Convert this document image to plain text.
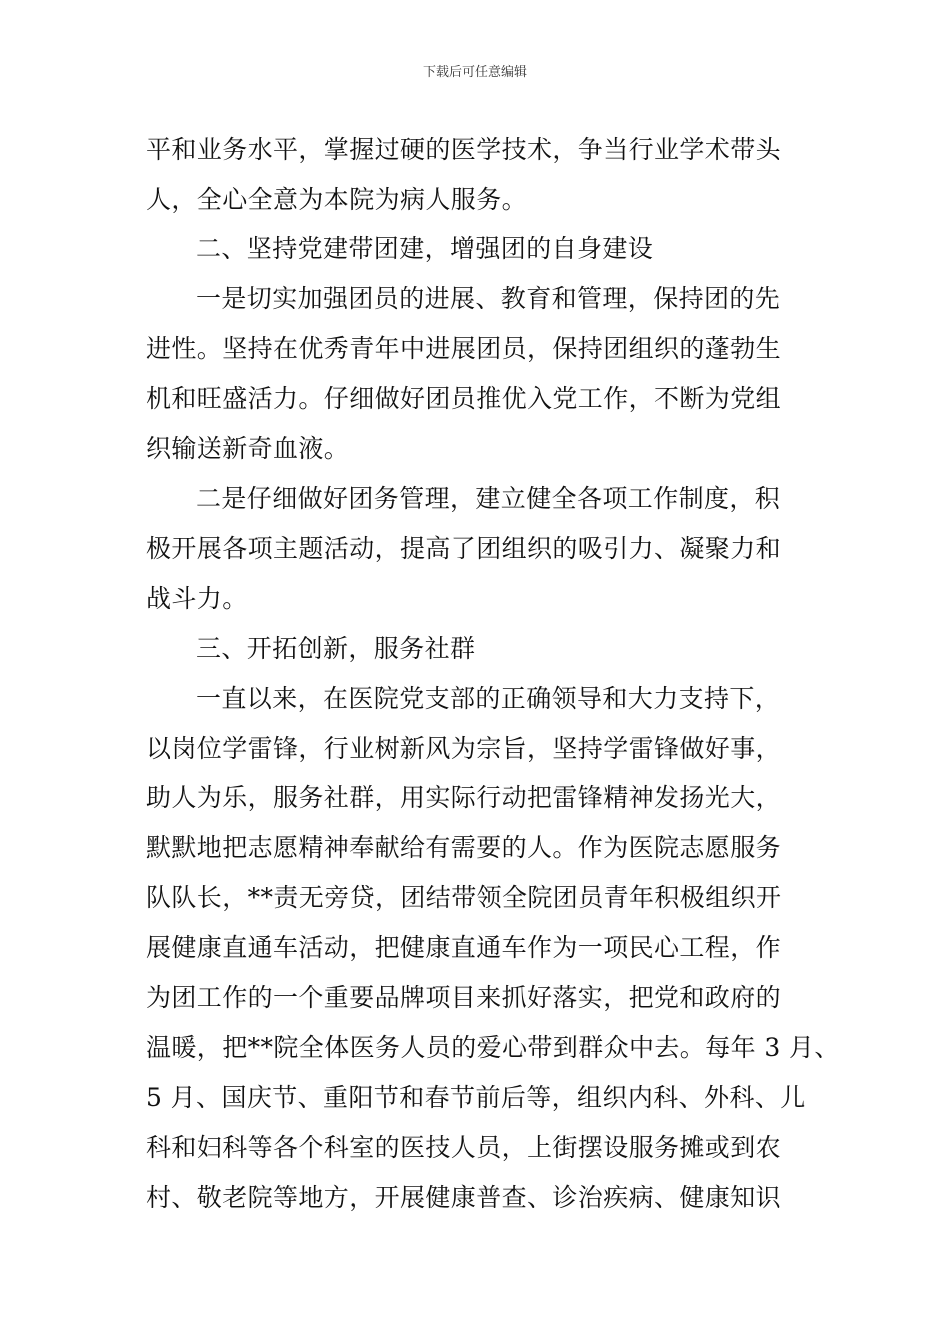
下载后可任意编辑
平和业务水平，掌握过硬的医学技术，争当行业学术带头
人，全心全意为本院为病人服务。
二、坚持党建带团建，增强团的自身建设
一是切实加强团员的进展、教育和管理，保持团的先
进性。坚持在优秀青年中进展团员，保持团组织的蓬勃生
机和旺盛活力。仔细做好团员推优入党工作，不断为党组
织输送新奇血液。
二是仔细做好团务管理，建立健全各项工作制度，积
极开展各项主题活动，提高了团组织的吸引力、凝聚力和
战斗力。
三、开拓创新，服务社群
一直以来，在医院党支部的正确领导和大力支持下，
以岗位学雷锋，行业树新风为宗旨，坚持学雷锋做好事，
助人为乐，服务社群，用实际行动把雷锋精神发扬光大，
默默地把志愿精神奉献给有需要的人。作为医院志愿服务
队队长，**责无旁贷，团结带领全院团员青年积极组织开
展健康直通车活动，把健康直通车作为一项民心工程，作
为团工作的一个重要品牌项目来抓好落实，把党和政府的
温暖，把**院全体医务人员的爱心带到群众中去。每年 3 月、
5 月、国庆节、重阳节和春节前后等，组织内科、外科、儿
科和妇科等各个科室的医技人员，上街摆设服务摊或到农
村、敬老院等地方，开展健康普查、诊治疾病、健康知识
